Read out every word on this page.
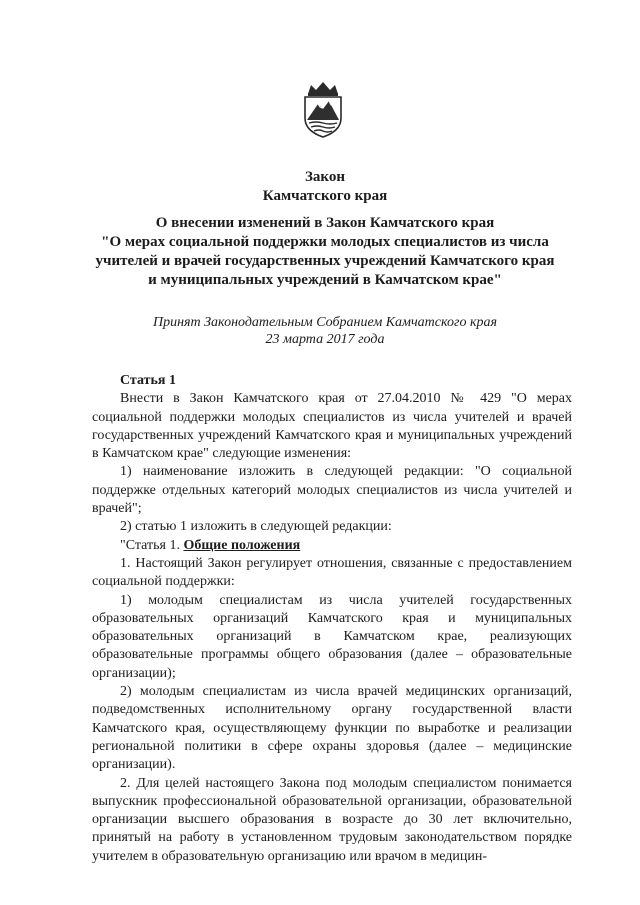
Закон
Камчатского края
О внесении изменений в Закон Камчатского края
"О мерах социальной поддержки молодых специалистов из числа
учителей и врачей государственных учреждений Камчатского края
и муниципальных учреждений в Камчатском крае"
Принят Законодательным Собранием Камчатского края
23 марта 2017 года

Статья 1

Внести в Закон Камчатского края от 27.04.2010 № 429 "О мерах социальной поддержки молодых специалистов из числа учителей и врачей государственных учреждений Камчатского края и муниципальных учреждений в Камчатском крае" следующие изменения:

1) наименование изложить в следующей редакции: "О социальной поддержке отдельных категорий молодых специалистов из числа учителей и врачей";

2) статью 1 изложить в следующей редакции:

"Статья 1. Общие положения

1. Настоящий Закон регулирует отношения, связанные с предоставлением социальной поддержки:

1) молодым специалистам из числа учителей государственных образовательных организаций Камчатского края и муниципальных образовательных организаций в Камчатском крае, реализующих образовательные программы общего образования (далее – образовательные организации);

2) молодым специалистам из числа врачей медицинских организаций, подведомственных исполнительному органу государственной власти Камчатского края, осуществляющему функции по выработке и реализации региональной политики в сфере охраны здоровья (далее – медицинские организации).

2. Для целей настоящего Закона под молодым специалистом понимается выпускник профессиональной образовательной организации, образовательной организации высшего образования в возрасте до 30 лет включительно, принятый на работу в установленном трудовым законодательством порядке учителем в образовательную организацию или врачом в медицин-
